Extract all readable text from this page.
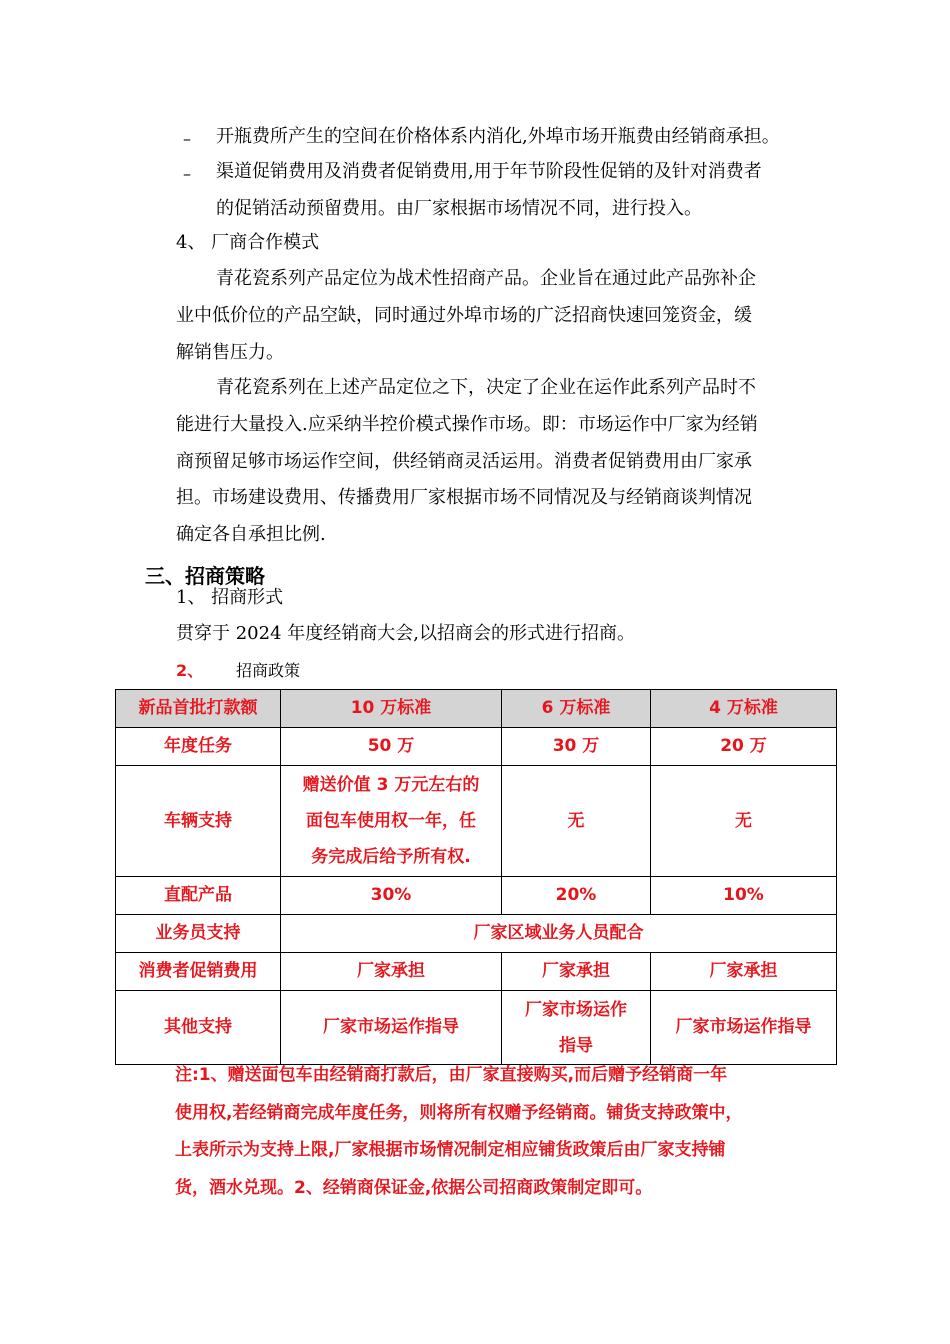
– 开瓶费所产生的空间在价格体系内消化,外埠市场开瓶费由经销商承担。
– 渠道促销费用及消费者促销费用,用于年节阶段性促销的及针对消费者
的促销活动预留费用。由厂家根据市场情况不同，进行投入。
4、 厂商合作模式
青花瓷系列产品定位为战术性招商产品。企业旨在通过此产品弥补企
业中低价位的产品空缺，同时通过外埠市场的广泛招商快速回笼资金，缓
解销售压力。
青花瓷系列在上述产品定位之下，决定了企业在运作此系列产品时不
能进行大量投入.应采纳半控价模式操作市场。即：市场运作中厂家为经销
商预留足够市场运作空间，供经销商灵活运用。消费者促销费用由厂家承
担。市场建设费用、传播费用厂家根据市场不同情况及与经销商谈判情况
确定各自承担比例.
三、招商策略
1、 招商形式
贯穿于 2024 年度经销商大会,以招商会的形式进行招商。
2、 招商政策
新品首批打款额	10 万标准	6 万标准	4 万标准
年度任务	50 万	30 万	20 万
车辆支持	赠送价值 3 万元左右的
面包车使用权一年，任
务完成后给予所有权.	无	无
直配产品	30%	20%	10%
业务员支持	厂家区域业务人员配合		
消费者促销费用	厂家承担	厂家承担	厂家承担
其他支持	厂家市场运作指导	厂家市场运作
指导	厂家市场运作指导
注:1、赠送面包车由经销商打款后，由厂家直接购买,而后赠予经销商一年
使用权,若经销商完成年度任务，则将所有权赠予经销商。铺货支持政策中，
上表所示为支持上限,厂家根据市场情况制定相应铺货政策后由厂家支持铺
货，酒水兑现。2、经销商保证金,依据公司招商政策制定即可。
